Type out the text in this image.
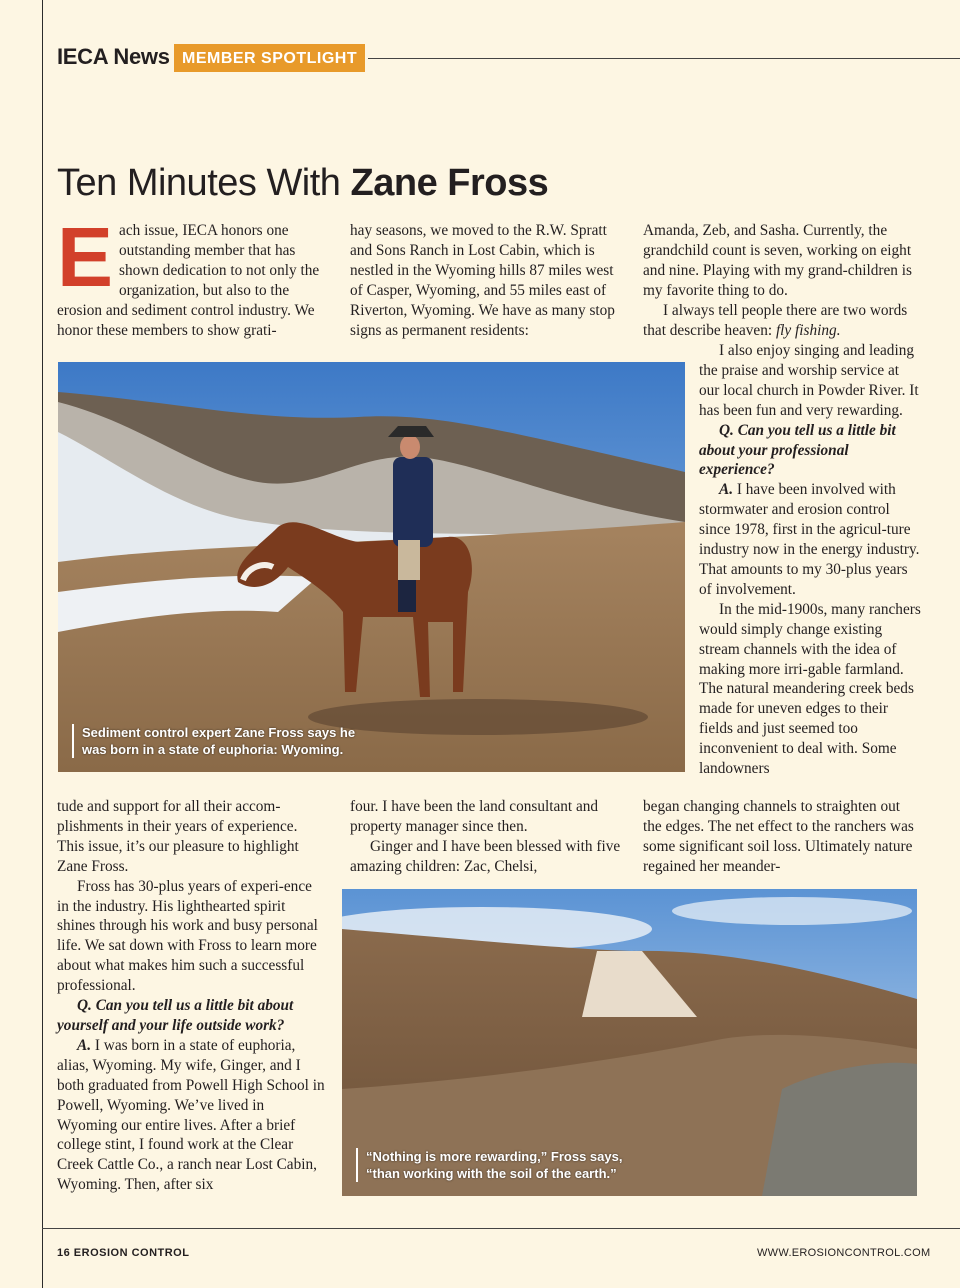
IECA News MEMBER SPOTLIGHT
Ten Minutes With Zane Fross

Each issue, IECA honors one outstanding member that has shown dedication to not only the organization, but also to the erosion and sediment control industry. We honor these members to show grati-

hay seasons, we moved to the R.W. Spratt and Sons Ranch in Lost Cabin, which is nestled in the Wyoming hills 87 miles west of Casper, Wyoming, and 55 miles east of Riverton, Wyoming. We have as many stop signs as permanent residents:

Amanda, Zeb, and Sasha. Currently, the grandchild count is seven, working on eight and nine. Playing with my grand-children is my favorite thing to do.

I always tell people there are two words that describe heaven: fly fishing.

I also enjoy singing and leading the praise and worship service at our local church in Powder River. It has been fun and very rewarding.

Q. Can you tell us a little bit about your professional experience?

A. I have been involved with stormwater and erosion control since 1978, first in the agricul-ture industry now in the energy industry. That amounts to my 30-plus years of involvement.

In the mid-1900s, many ranchers would simply change existing stream channels with the idea of making more irri-gable farmland. The natural meandering creek beds made for uneven edges to their fields and just seemed too inconvenient to deal with. Some landowners

Sediment control expert Zane Fross says he was born in a state of euphoria: Wyoming.

tude and support for all their accom-plishments in their years of experience. This issue, it’s our pleasure to highlight Zane Fross.

Fross has 30-plus years of experi-ence in the industry. His lighthearted spirit shines through his work and busy personal life. We sat down with Fross to learn more about what makes him such a successful professional.

Q. Can you tell us a little bit about yourself and your life outside work?

A. I was born in a state of euphoria, alias, Wyoming. My wife, Ginger, and I both graduated from Powell High School in Powell, Wyoming. We’ve lived in Wyoming our entire lives. After a brief college stint, I found work at the Clear Creek Cattle Co., a ranch near Lost Cabin, Wyoming. Then, after six

four. I have been the land consultant and property manager since then.

Ginger and I have been blessed with five amazing children: Zac, Chelsi,

began changing channels to straighten out the edges. The net effect to the ranchers was some significant soil loss. Ultimately nature regained her meander-

“Nothing is more rewarding,” Fross says, “than working with the soil of the earth.”
16 EROSION CONTROL	WWW.EROSIONCONTROL.COM
